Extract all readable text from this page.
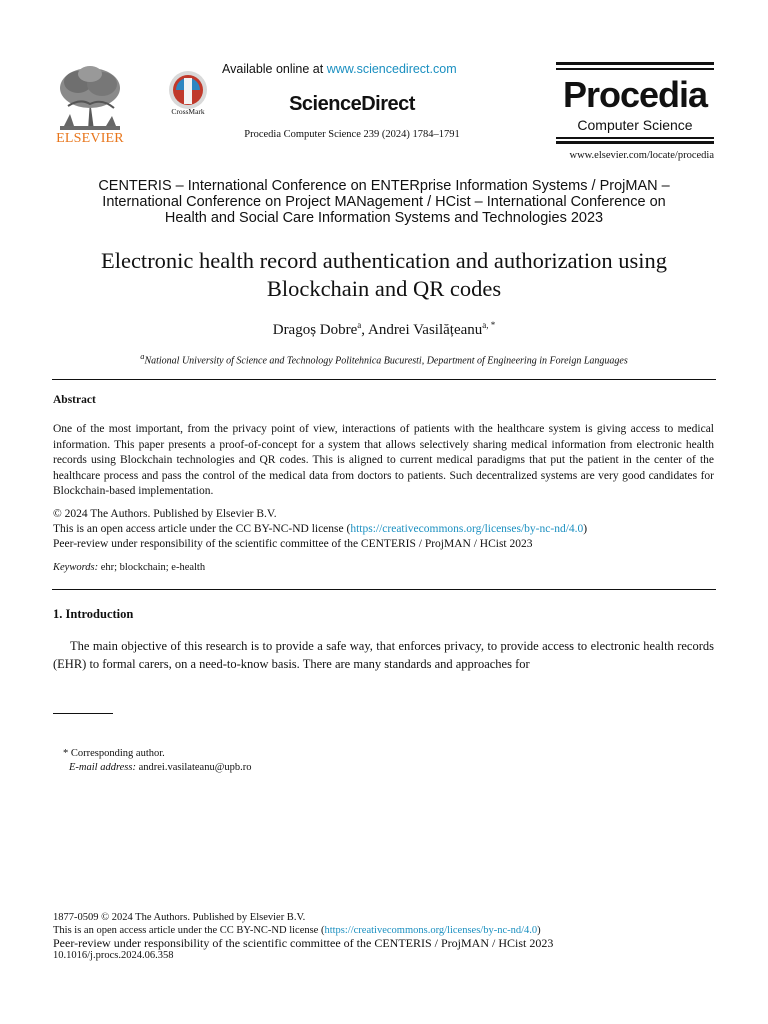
ELSEVIER
CrossMark
Available online at www.sciencedirect.com
ScienceDirect
Procedia Computer Science 239 (2024) 1784–1791
Procedia
Computer Science
www.elsevier.com/locate/procedia
CENTERIS – International Conference on ENTERprise Information Systems / ProjMAN –
International Conference on Project MANagement / HCist – International Conference on
Health and Social Care Information Systems and Technologies 2023
Electronic health record authentication and authorization using
Blockchain and QR codes
Dragoș Dobre$^a$, Andrei Vasilățeanu$^{a, *}$
$^a$National University of Science and Technology Politehnica Bucuresti, Department of Engineering in Foreign Languages
Abstract
One of the most important, from the privacy point of view, interactions of patients with the healthcare system is giving access to medical information. This paper presents a proof-of-concept for a system that allows selectively sharing medical information from electronic health records using Blockchain technologies and QR codes. This is aligned to current medical paradigms that put the patient in the center of the healthcare process and pass the control of the medical data from doctors to patients. Such decentralized systems are very good candidates for Blockchain-based implementation.
© 2024 The Authors. Published by Elsevier B.V.
This is an open access article under the CC BY-NC-ND license (https://creativecommons.org/licenses/by-nc-nd/4.0)
Peer-review under responsibility of the scientific committee of the CENTERIS / ProjMAN / HCist 2023
Keywords: ehr; blockchain; e-health
1. Introduction
The main objective of this research is to provide a safe way, that enforces privacy, to provide access to electronic health records (EHR) to formal carers, on a need-to-know basis. There are many standards and approaches for
* Corresponding author.
E-mail address: andrei.vasilateanu@upb.ro
1877-0509 © 2024 The Authors. Published by Elsevier B.V.
This is an open access article under the CC BY-NC-ND license (https://creativecommons.org/licenses/by-nc-nd/4.0)
Peer-review under responsibility of the scientific committee of the CENTERIS / ProjMAN / HCist 2023
10.1016/j.procs.2024.06.358
